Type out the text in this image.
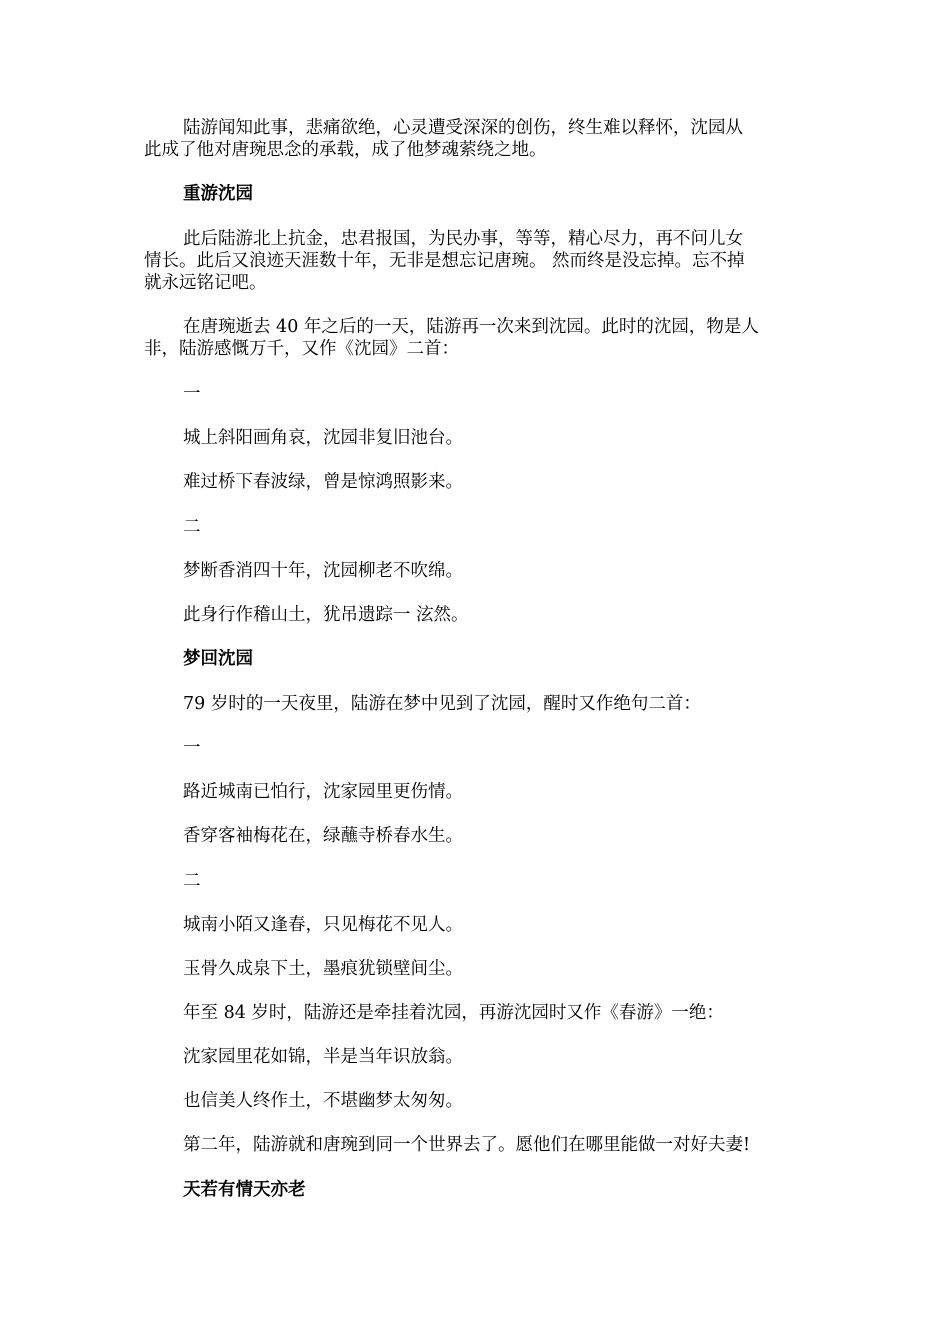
陆游闻知此事，悲痛欲绝，心灵遭受深深的创伤，终生难以释怀，沈园从
此成了他对唐琬思念的承载，成了他梦魂萦绕之地。
重游沈园
此后陆游北上抗金，忠君报国，为民办事，等等，精心尽力，再不问儿女
情长。此后又浪迹天涯数十年，无非是想忘记唐琬。 然而终是没忘掉。忘不掉
就永远铭记吧。
在唐琬逝去 40 年之后的一天，陆游再一次来到沈园。此时的沈园，物是人
非，陆游感慨万千，又作《沈园》二首：
一
城上斜阳画角哀，沈园非复旧池台。
难过桥下春波绿，曾是惊鸿照影来。
二
梦断香消四十年，沈园柳老不吹绵。
此身行作稽山土，犹吊遗踪一 泫然。
梦回沈园
79 岁时的一天夜里，陆游在梦中见到了沈园，醒时又作绝句二首：
一
路近城南已怕行，沈家园里更伤情。
香穿客袖梅花在，绿蘸寺桥春水生。
二
城南小陌又逢春，只见梅花不见人。
玉骨久成泉下土，墨痕犹锁壁间尘。
年至 84 岁时，陆游还是牵挂着沈园，再游沈园时又作《春游》一绝：
沈家园里花如锦，半是当年识放翁。
也信美人终作土，不堪幽梦太匆匆。
第二年，陆游就和唐琬到同一个世界去了。愿他们在哪里能做一对好夫妻!
天若有情天亦老
